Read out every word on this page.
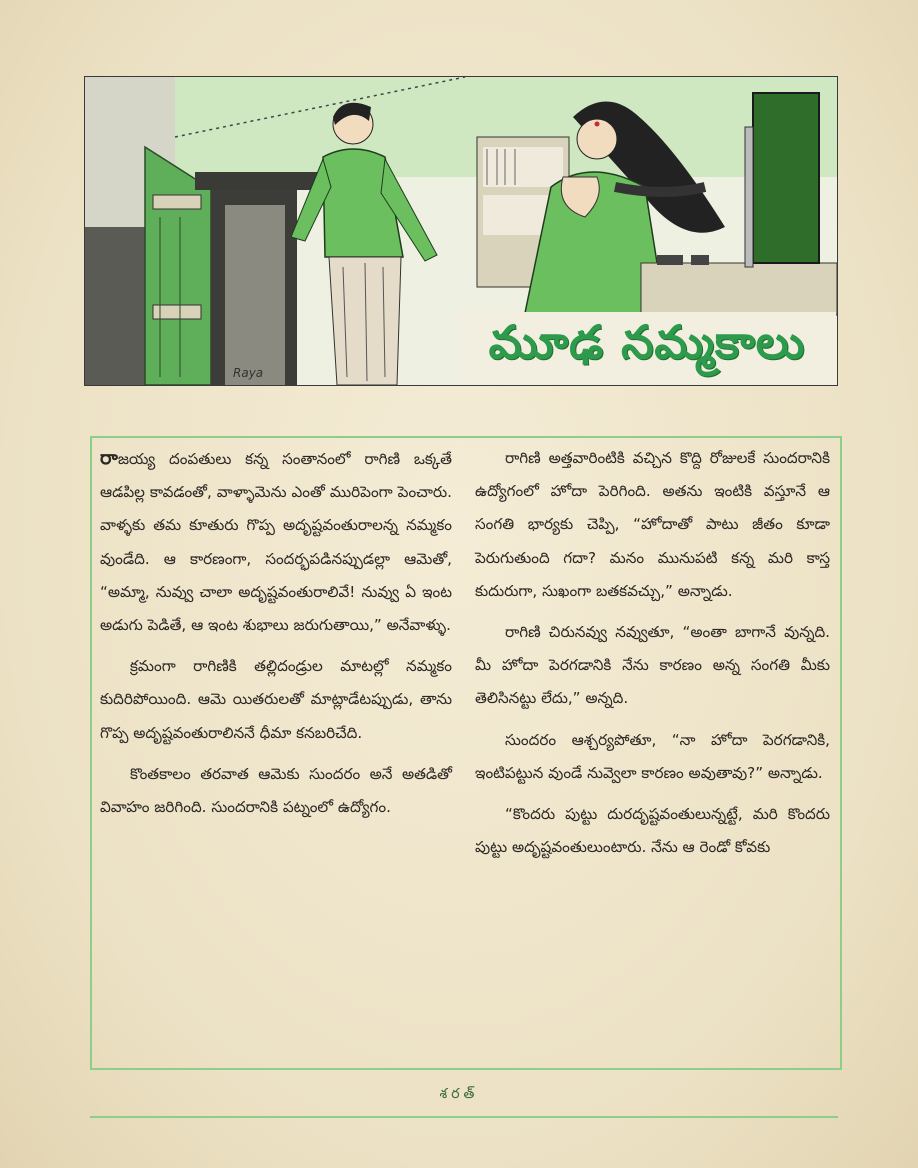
Raya
మూఢ నమ్మకాలు

రాజయ్య దంపతులు కన్న సంతానంలో రాగిణి ఒక్కతే ఆడపిల్ల కావడంతో, వాళ్ళామెను ఎంతో మురిపెంగా పెంచారు. వాళ్ళకు తమ కూతురు గొప్ప అదృష్టవంతురాలన్న నమ్మకం వుండేది. ఆ కారణంగా, సందర్భపడినప్పుడల్లా ఆమెతో, “అమ్మా, నువ్వు చాలా అదృష్టవంతురాలివే! నువ్వు ఏ ఇంట అడుగు పెడితే, ఆ ఇంట శుభాలు జరుగుతాయి,” అనేవాళ్ళు.

క్రమంగా రాగిణికి తల్లిదండ్రుల మాటల్లో నమ్మకం కుదిరిపోయింది. ఆమె యితరులతో మాట్లాడేటప్పుడు, తాను గొప్ప అదృష్టవంతురాలిననే ధీమా కనబరిచేది.

కొంతకాలం తరవాత ఆమెకు సుందరం అనే అతడితో వివాహం జరిగింది. సుందరానికి పట్నంలో ఉద్యోగం.

రాగిణి అత్తవారింటికి వచ్చిన కొద్ది రోజులకే సుందరానికి ఉద్యోగంలో హోదా పెరిగింది. అతను ఇంటికి వస్తూనే ఆ సంగతి భార్యకు చెప్పి, “హోదాతో పాటు జీతం కూడా పెరుగుతుంది గదా? మనం మునుపటి కన్న మరి కాస్త కుదురుగా, సుఖంగా బతకవచ్చు,” అన్నాడు.

రాగిణి చిరునవ్వు నవ్వుతూ, “అంతా బాగానే వున్నది. మీ హోదా పెరగడానికి నేను కారణం అన్న సంగతి మీకు తెలిసినట్టు లేదు,” అన్నది.

సుందరం ఆశ్చర్యపోతూ, “నా హోదా పెరగడానికి, ఇంటిపట్టున వుండే నువ్వెలా కారణం అవుతావు?” అన్నాడు.

“కొందరు పుట్టు దురదృష్టవంతులున్నట్టే, మరి కొందరు పుట్టు అదృష్టవంతులుంటారు. నేను ఆ రెండో కోవకు

శరత్
